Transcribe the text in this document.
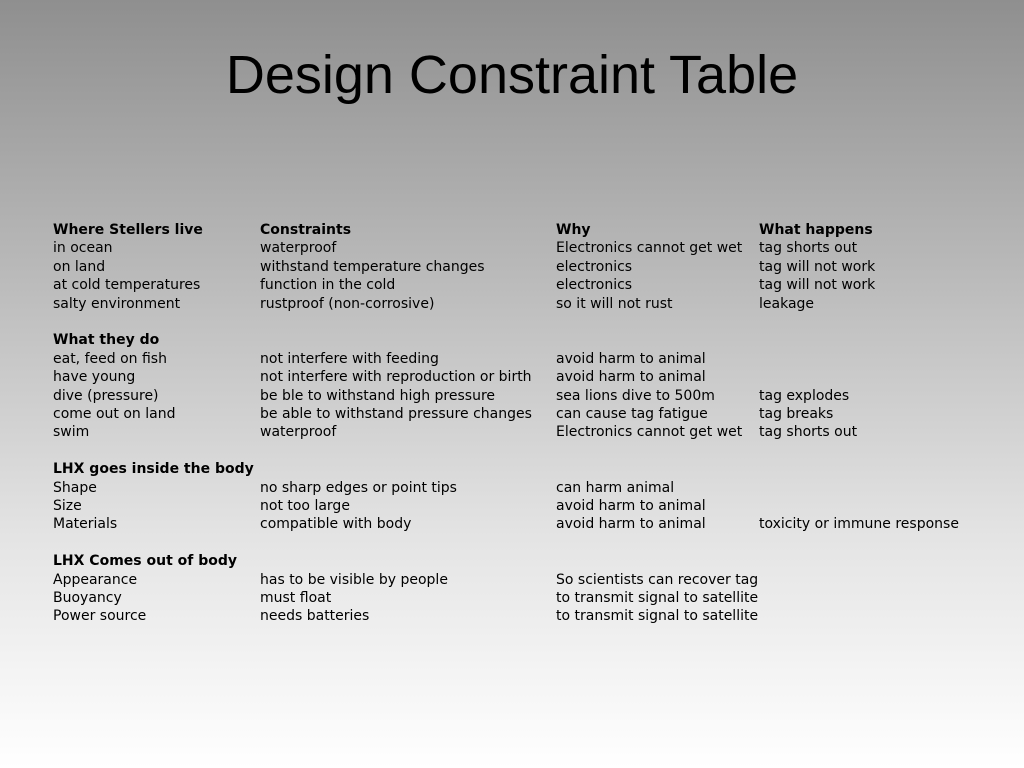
Design Constraint Table
Where Stellers live	Constraints	Why	What happens
in ocean	waterproof	Electronics cannot get wet	tag shorts out
on land	withstand temperature changes	electronics	tag will not work
at cold temperatures	function in the cold	electronics	tag will not work
salty environment	rustproof (non-corrosive)	so it will not rust	leakage

What they do			
eat, feed on fish	not interfere with feeding	avoid harm to animal	
have young	not interfere with reproduction or birth	avoid harm to animal	
dive (pressure)	be ble to withstand high pressure	sea lions dive to 500m	tag explodes
come out on land	be able to withstand pressure changes	can cause tag fatigue	tag breaks
swim	waterproof	Electronics cannot get wet	tag shorts out

LHX goes inside the body			
Shape	no sharp edges or point tips	can harm animal	
Size	not too large	avoid harm to animal	
Materials	compatible with body	avoid harm to animal	toxicity or immune response

LHX Comes out of body			
Appearance	has to be visible by people	So scientists can recover tag	
Buoyancy	must float	to transmit signal to satellite	
Power source	needs batteries	to transmit signal to satellite	
